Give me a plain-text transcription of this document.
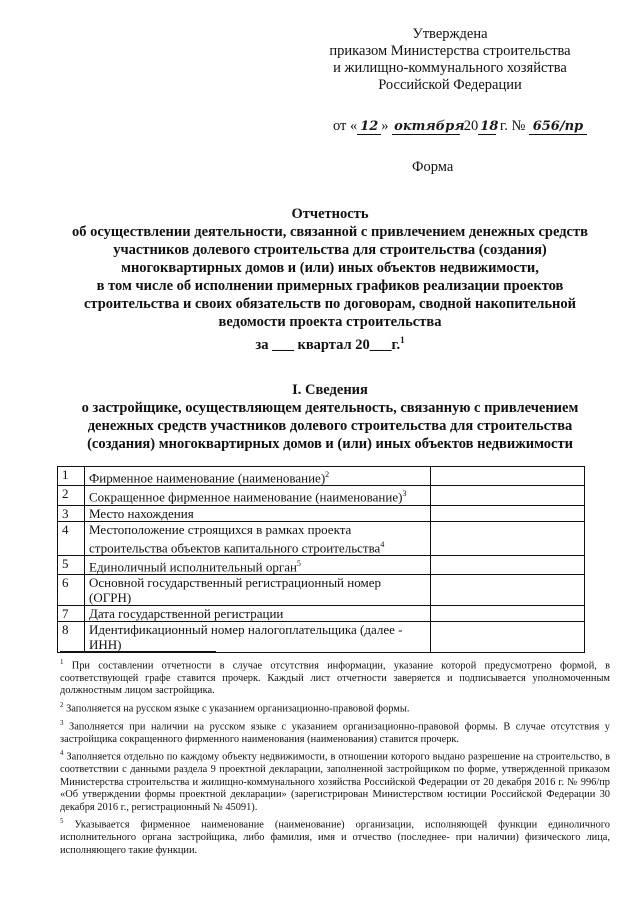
Утверждена
приказом Министерства строительства
и жилищно-коммунального хозяйства
Российской Федерации
от « 12 » октября 20 18 г. № 656/пр
Форма
Отчетность
об осуществлении деятельности, связанной с привлечением денежных средств
участников долевого строительства для строительства (создания)
многоквартирных домов и (или) иных объектов недвижимости,
в том числе об исполнении примерных графиков реализации проектов
строительства и своих обязательств по договорам, сводной накопительной
ведомости проекта строительства
за ___ квартал 20___г.$^1$
I. Сведения
о застройщике, осуществляющем деятельность, связанную с привлечением
денежных средств участников долевого строительства для строительства
(создания) многоквартирных домов и (или) иных объектов недвижимости
1	Фирменное наименование (наименование)$^2$	
2	Сокращенное фирменное наименование (наименование)$^3$	
3	Место нахождения	
4	Местоположение строящихся в рамках проекта строительства объектов капитального строительства$^4$	
5	Единоличный исполнительный орган$^5$	
6	Основной государственный регистрационный номер (ОГРН)	
7	Дата государственной регистрации	
8	Идентификационный номер налогоплательщика (далее - ИНН)	

$^1$ При составлении отчетности в случае отсутствия информации, указание которой предусмотрено формой, в соответствующей графе ставится прочерк. Каждый лист отчетности заверяется и подписывается уполномоченным должностным лицом застройщика.

$^2$ Заполняется на русском языке с указанием организационно-правовой формы.

$^3$ Заполняется при наличии на русском языке с указанием организационно-правовой формы. В случае отсутствия у застройщика сокращенного фирменного наименования (наименования) ставится прочерк.

$^4$ Заполняется отдельно по каждому объекту недвижимости, в отношении которого выдано разрешение на строительство, в соответствии с данными раздела 9 проектной декларации, заполненной застройщиком по форме, утвержденной приказом Министерства строительства и жилищно-коммунального хозяйства Российской Федерации от 20 декабря 2016 г. № 996/пр «Об утверждении формы проектной декларации» (зарегистрирован Министерством юстиции Российской Федерации 30 декабря 2016 г., регистрационный № 45091).

$^5$ Указывается фирменное наименование (наименование) организации, исполняющей функции единоличного исполнительного органа застройщика, либо фамилия, имя и отчество (последнее- при наличии) физического лица, исполняющего такие функции.
